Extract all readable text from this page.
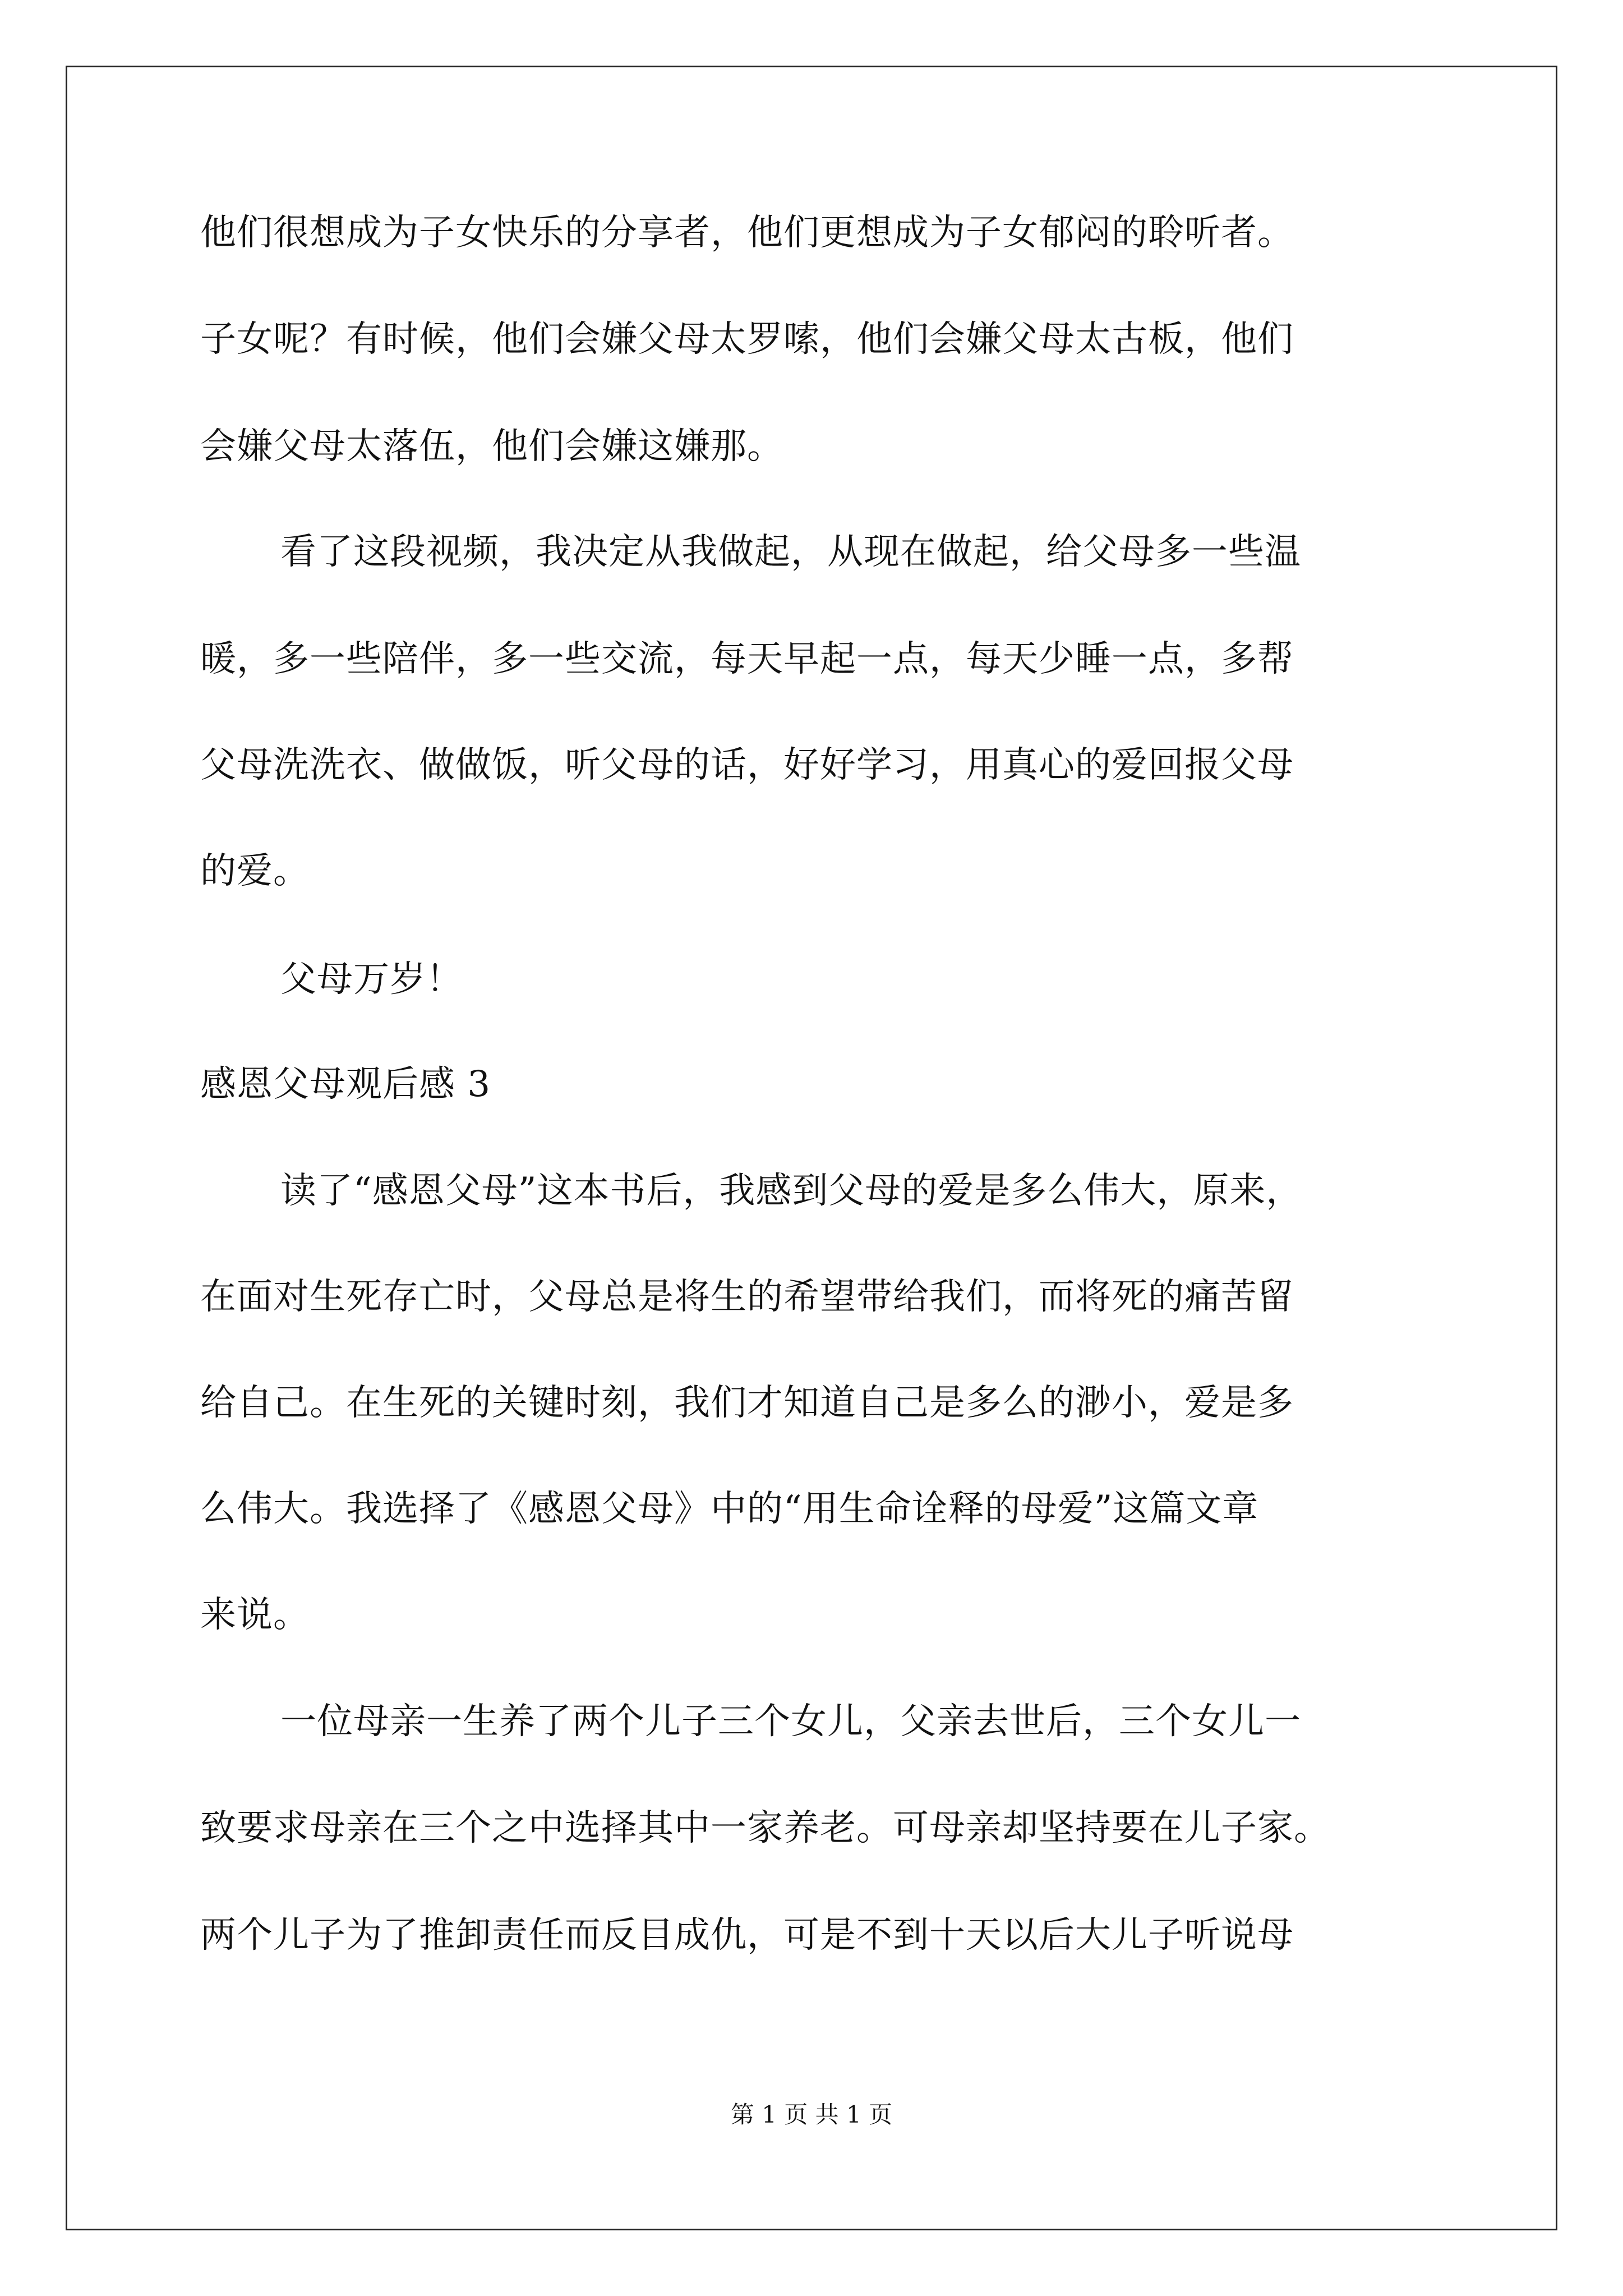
他们很想成为子女快乐的分享者，他们更想成为子女郁闷的聆听者。
子女呢？有时候，他们会嫌父母太罗嗦，他们会嫌父母太古板，他们
会嫌父母太落伍，他们会嫌这嫌那。
看了这段视频，我决定从我做起，从现在做起，给父母多一些温
暖，多一些陪伴，多一些交流，每天早起一点，每天少睡一点，多帮
父母洗洗衣、做做饭，听父母的话，好好学习，用真心的爱回报父母
的爱。
父母万岁！
感恩父母观后感 3
读了“感恩父母”这本书后，我感到父母的爱是多么伟大，原来，
在面对生死存亡时，父母总是将生的希望带给我们，而将死的痛苦留
给自己。在生死的关键时刻，我们才知道自己是多么的渺小，爱是多
么伟大。我选择了《感恩父母》中的“用生命诠释的母爱”这篇文章
来说。
一位母亲一生养了两个儿子三个女儿，父亲去世后，三个女儿一
致要求母亲在三个之中选择其中一家养老。可母亲却坚持要在儿子家。
两个儿子为了推卸责任而反目成仇，可是不到十天以后大儿子听说母
第 1 页 共 1 页
